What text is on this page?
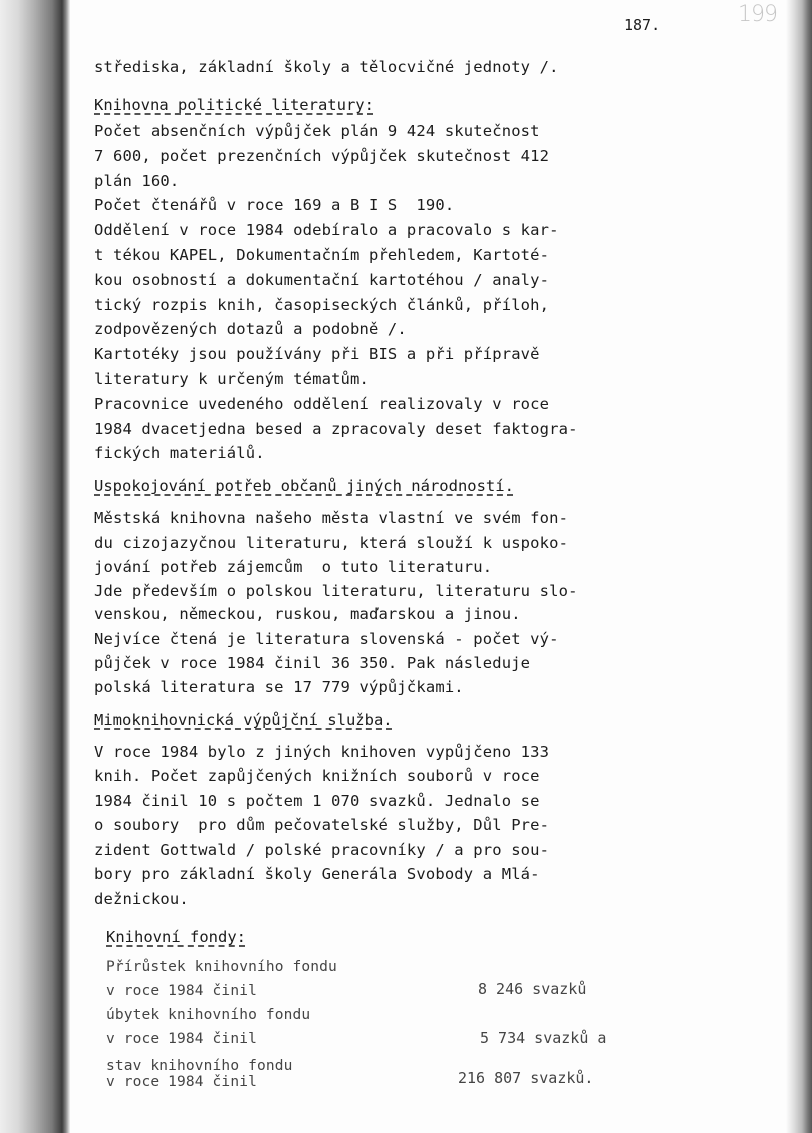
187.	199
střediska, základní školy a tělocvičné jednoty /.
Knihovna politické literatury:
Počet absenčních výpůjček plán 9 424 skutečnost
7 600, počet prezenčních výpůjček skutečnost 412
plán 160.
Počet čtenářů v roce 169 a B I S  190.
Oddělení v roce 1984 odebíralo a pracovalo s kar-
t tékou KAPEL, Dokumentačním přehledem, Kartoté-
kou osobností a dokumentační kartotéhou / analy-
tický rozpis knih, časopiseckých článků, příloh,
zodpovězených dotazů a podobně /.
Kartotéky jsou používány při BIS a při přípravě
literatury k určeným tématům.
Pracovnice uvedeného oddělení realizovaly v roce
1984 dvacetjedna besed a zpracovaly deset faktogra-
fických materiálů.
Uspokojování potřeb občanů jiných národností.
Městská knihovna našeho města vlastní ve svém fon-
du cizojazyčnou literaturu, která slouží k uspoko-
jování potřeb zájemcům  o tuto literaturu.
Jde především o polskou literaturu, literaturu slo-
venskou, německou, ruskou, maďarskou a jinou.
Nejvíce čtená je literatura slovenská - počet vý-
půjček v roce 1984 činil 36 350. Pak následuje
polská literatura se 17 779 výpůjčkami.
Mimoknihovnická výpůjční služba.
V roce 1984 bylo z jiných knihoven vypůjčeno 133
knih. Počet zapůjčených knižních souborů v roce
1984 činil 10 s počtem 1 070 svazků. Jednalo se
o soubory  pro dům pečovatelské služby, Důl Pre-
zident Gottwald / polské pracovníky / a pro sou-
bory pro základní školy Generála Svobody a Mlá-
dežnickou.
Knihovní fondy:
Přírůstek knihovního fondu
v roce 1984 činil	8 246 svazků
úbytek knihovního fondu
v roce 1984 činil	5 734 svazků a
stav knihovního fondu
v roce 1984 činil	216 807 svazků.
